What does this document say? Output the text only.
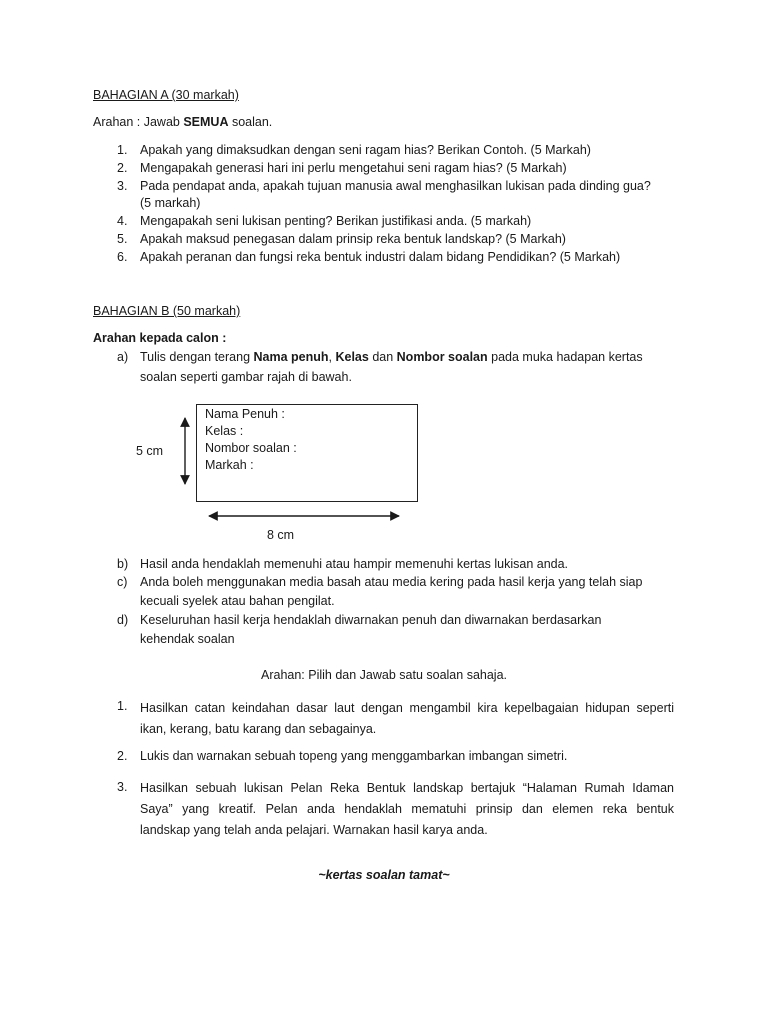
BAHAGIAN A (30 markah)
Arahan : Jawab SEMUA soalan.
1. Apakah yang dimaksudkan dengan seni ragam hias? Berikan Contoh. (5 Markah)
2. Mengapakah generasi hari ini perlu mengetahui seni ragam hias? (5 Markah)
3. Pada pendapat anda, apakah tujuan manusia awal menghasilkan lukisan pada dinding gua?
(5 markah)
4. Mengapakah seni lukisan penting? Berikan justifikasi anda. (5 markah)
5. Apakah maksud penegasan dalam prinsip reka bentuk landskap? (5 Markah)
6. Apakah peranan dan fungsi reka bentuk industri dalam bidang Pendidikan? (5 Markah)
BAHAGIAN B (50 markah)
Arahan kepada calon :
a) Tulis dengan terang Nama penuh, Kelas dan Nombor soalan pada muka hadapan kertas
soalan seperti gambar rajah di bawah.
Nama Penuh :
Kelas :
Nombor soalan :
Markah :
5 cm
8 cm
b) Hasil anda hendaklah memenuhi atau hampir memenuhi kertas lukisan anda.
c) Anda boleh menggunakan media basah atau media kering pada hasil kerja yang telah siap
kecuali syelek atau bahan pengilat.
d) Keseluruhan hasil kerja hendaklah diwarnakan penuh dan diwarnakan berdasarkan
kehendak soalan
Arahan: Pilih dan Jawab satu soalan sahaja.
1. Hasilkan catan keindahan dasar laut dengan mengambil kira kepelbagaian hidupan seperti
ikan, kerang, batu karang dan sebagainya.
2. Lukis dan warnakan sebuah topeng yang menggambarkan imbangan simetri.
3. Hasilkan sebuah lukisan Pelan Reka Bentuk landskap bertajuk “Halaman Rumah Idaman
Saya” yang kreatif. Pelan anda hendaklah mematuhi prinsip dan elemen reka bentuk
landskap yang telah anda pelajari. Warnakan hasil karya anda.
~kertas soalan tamat~
